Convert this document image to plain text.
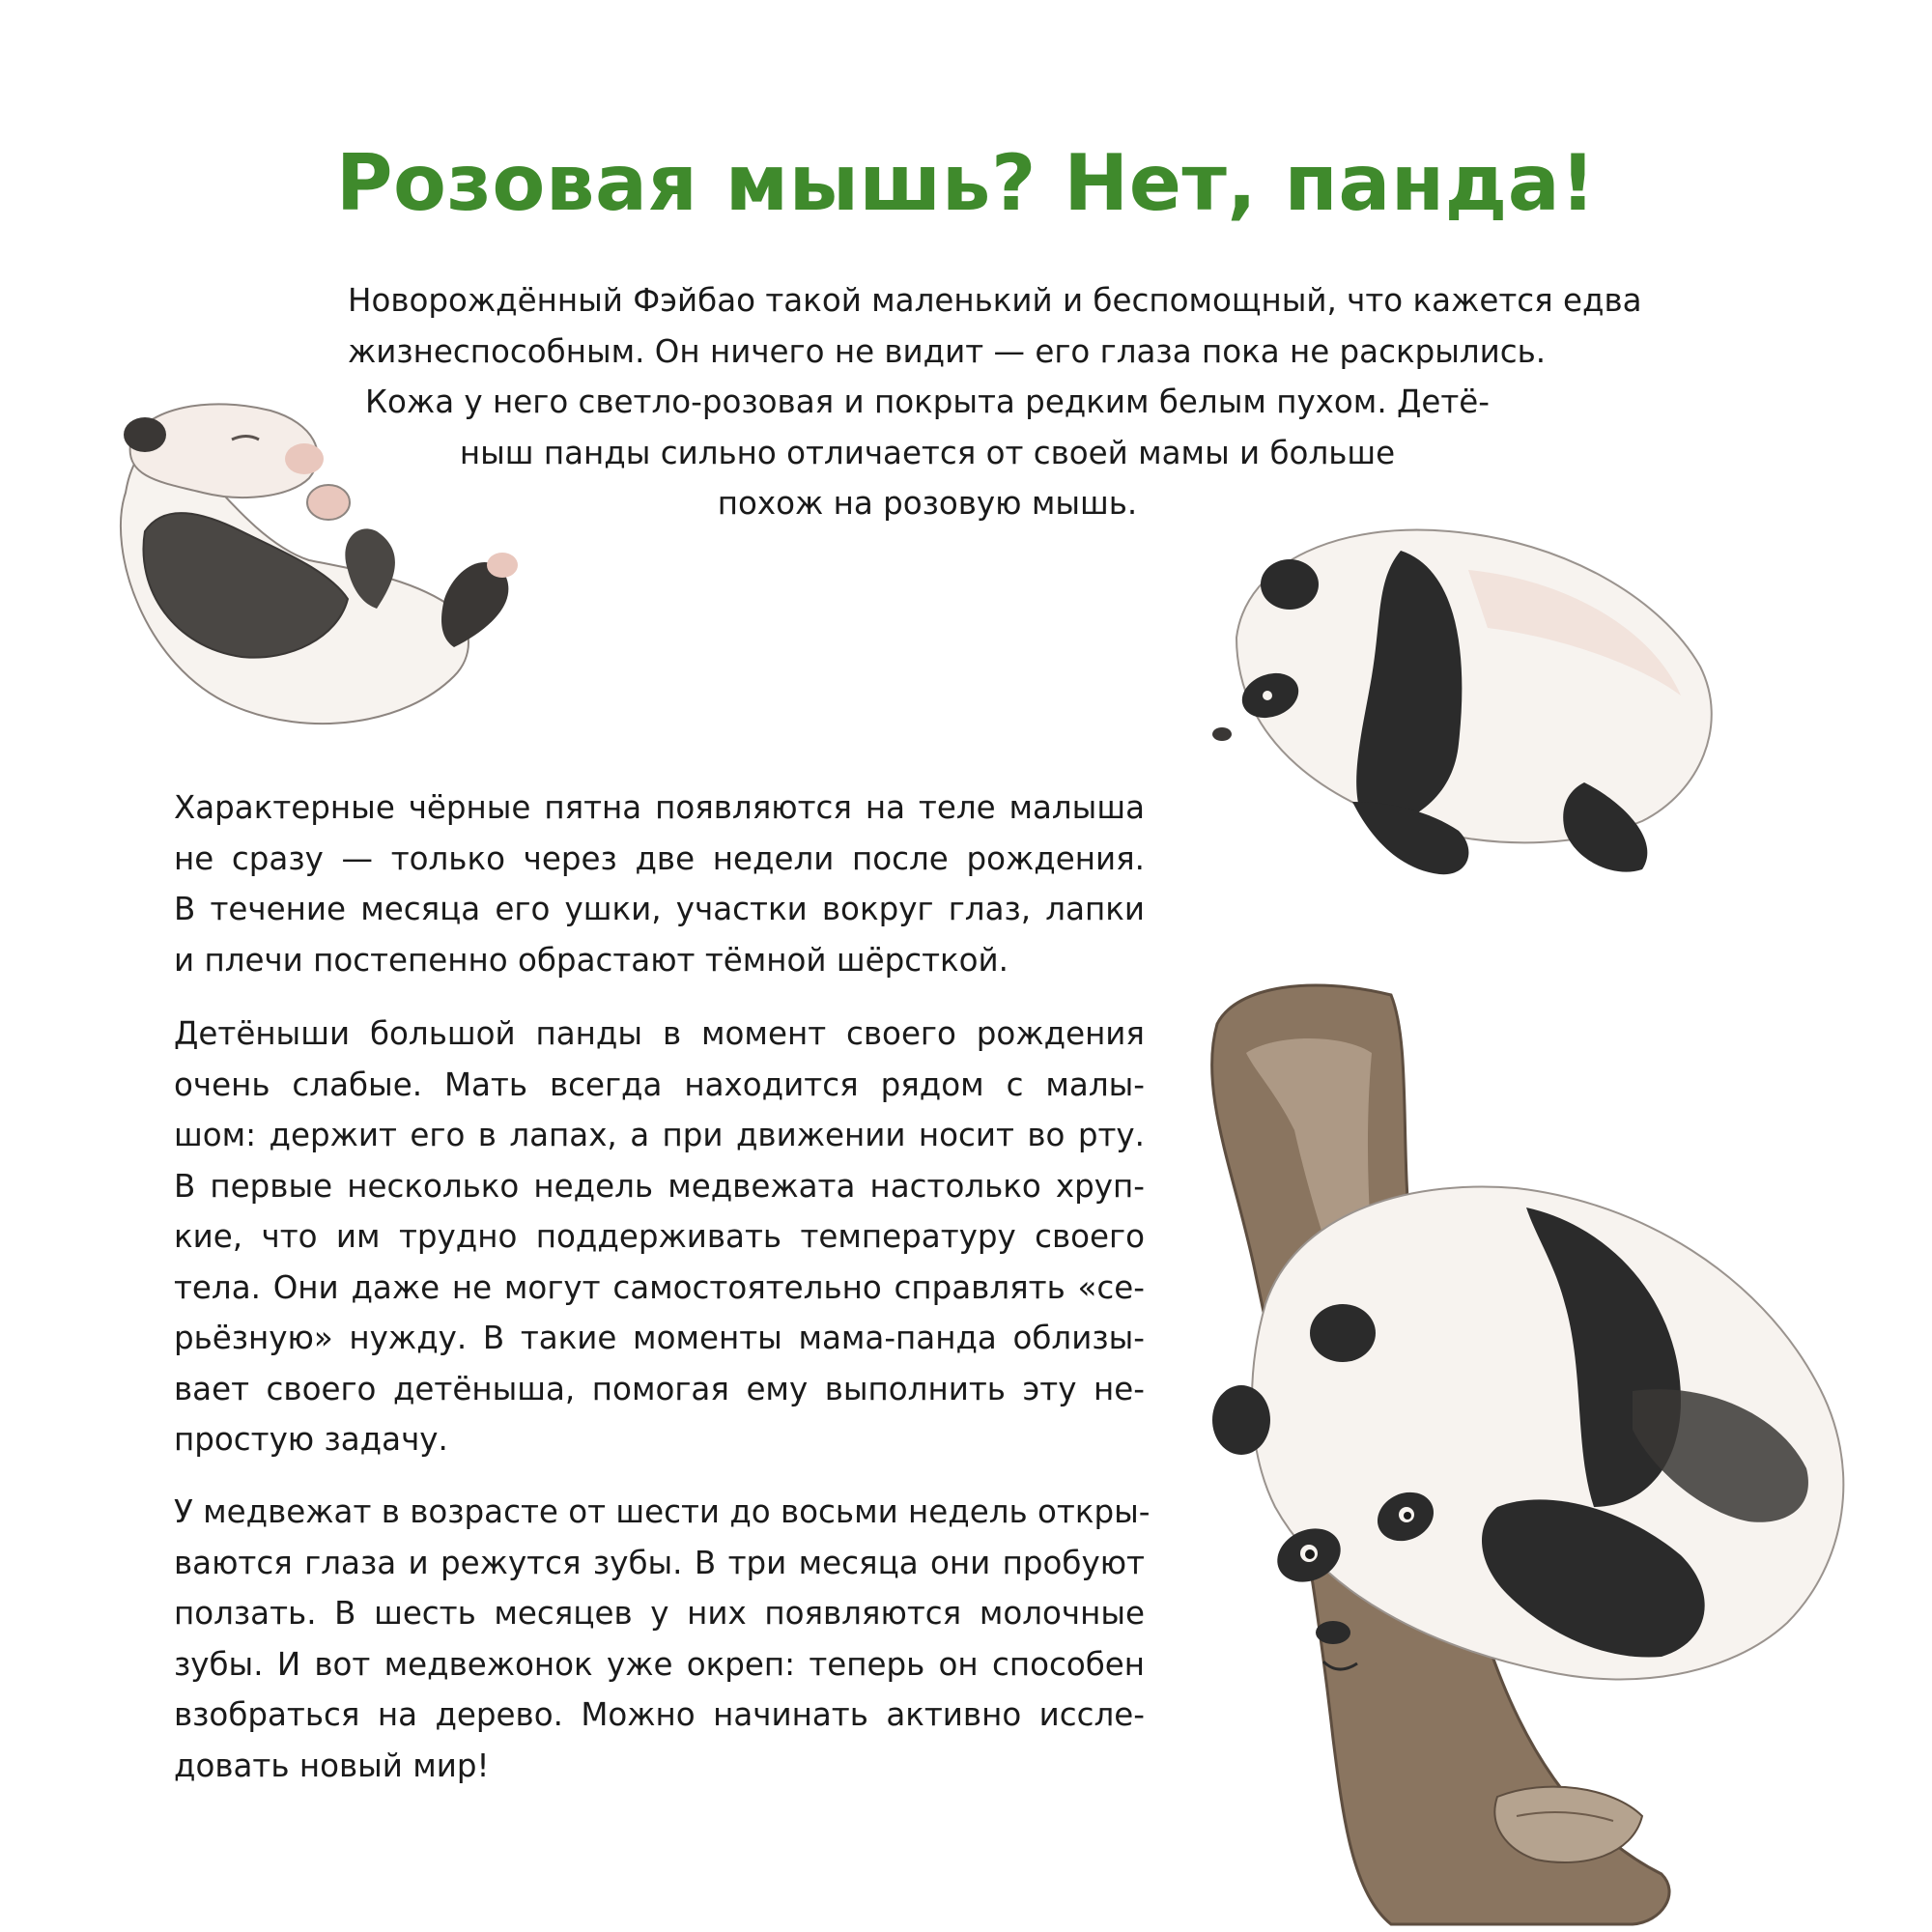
Розовая мышь? Нет, панда!
Новорождённый Фэйбао такой маленький и беспомощный, что кажется едва
жизнеспособным. Он ничего не видит — его глаза пока не раскрылись.
Кожа у него светло-розовая и покрыта редким белым пухом. Детё-
ныш панды сильно отличается от своей мамы и больше
похож на розовую мышь.
Характерные чёрные пятна появляются на теле малыша
не сразу — только через две недели после рождения.
В течение месяца его ушки, участки вокруг глаз, лапки
и плечи постепенно обрастают тёмной шёрсткой.
Детёныши большой панды в момент своего рождения
очень слабые. Мать всегда находится рядом с малы-
шом: держит его в лапах, а при движении носит во рту.
В первые несколько недель медвежата настолько хруп-
кие, что им трудно поддерживать температуру своего
тела. Они даже не могут самостоятельно справлять «се-
рьёзную» нужду. В такие моменты мама-панда облизы-
вает своего детёныша, помогая ему выполнить эту не-
простую задачу.
У медвежат в возрасте от шести до восьми недель откры-
ваются глаза и режутся зубы. В три месяца они пробуют
ползать. В шесть месяцев у них появляются молочные
зубы. И вот медвежонок уже окреп: теперь он способен
взобраться на дерево. Можно начинать активно иссле-
довать новый мир!
